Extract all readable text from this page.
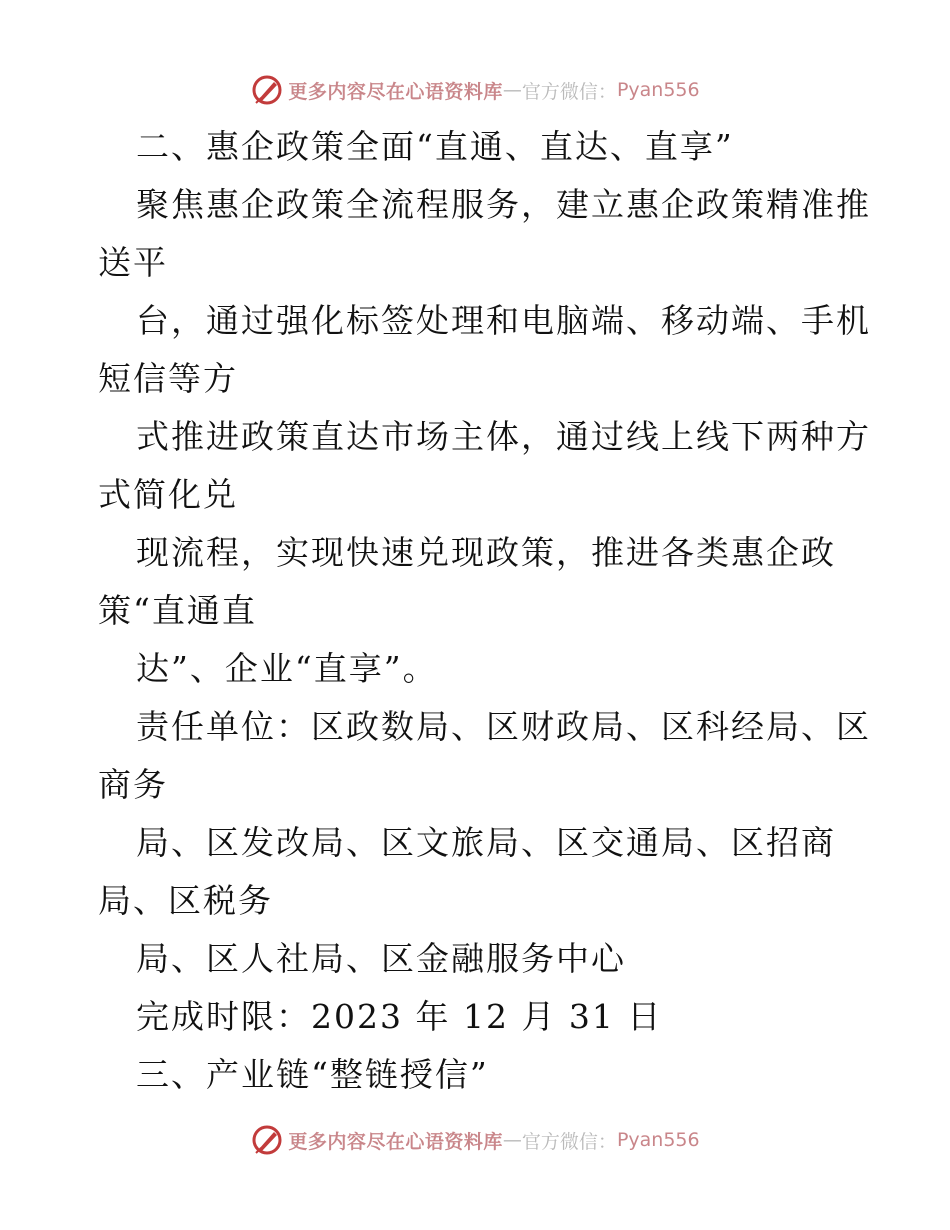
更多内容尽在心语资料库 — 官方微信： Pyan556
二、惠企政策全面“直通、直达、直享”
聚焦惠企政策全流程服务，建立惠企政策精准推
送平
台，通过强化标签处理和电脑端、移动端、手机
短信等方
式推进政策直达市场主体，通过线上线下两种方
式简化兑
现流程，实现快速兑现政策，推进各类惠企政
策“直通直
达”、企业“直享”。
责任单位：区政数局、区财政局、区科经局、区
商务
局、区发改局、区文旅局、区交通局、区招商
局、区税务
局、区人社局、区金融服务中心
完成时限：2023 年 12 月 31 日
三、产业链“整链授信”
更多内容尽在心语资料库 — 官方微信： Pyan556
